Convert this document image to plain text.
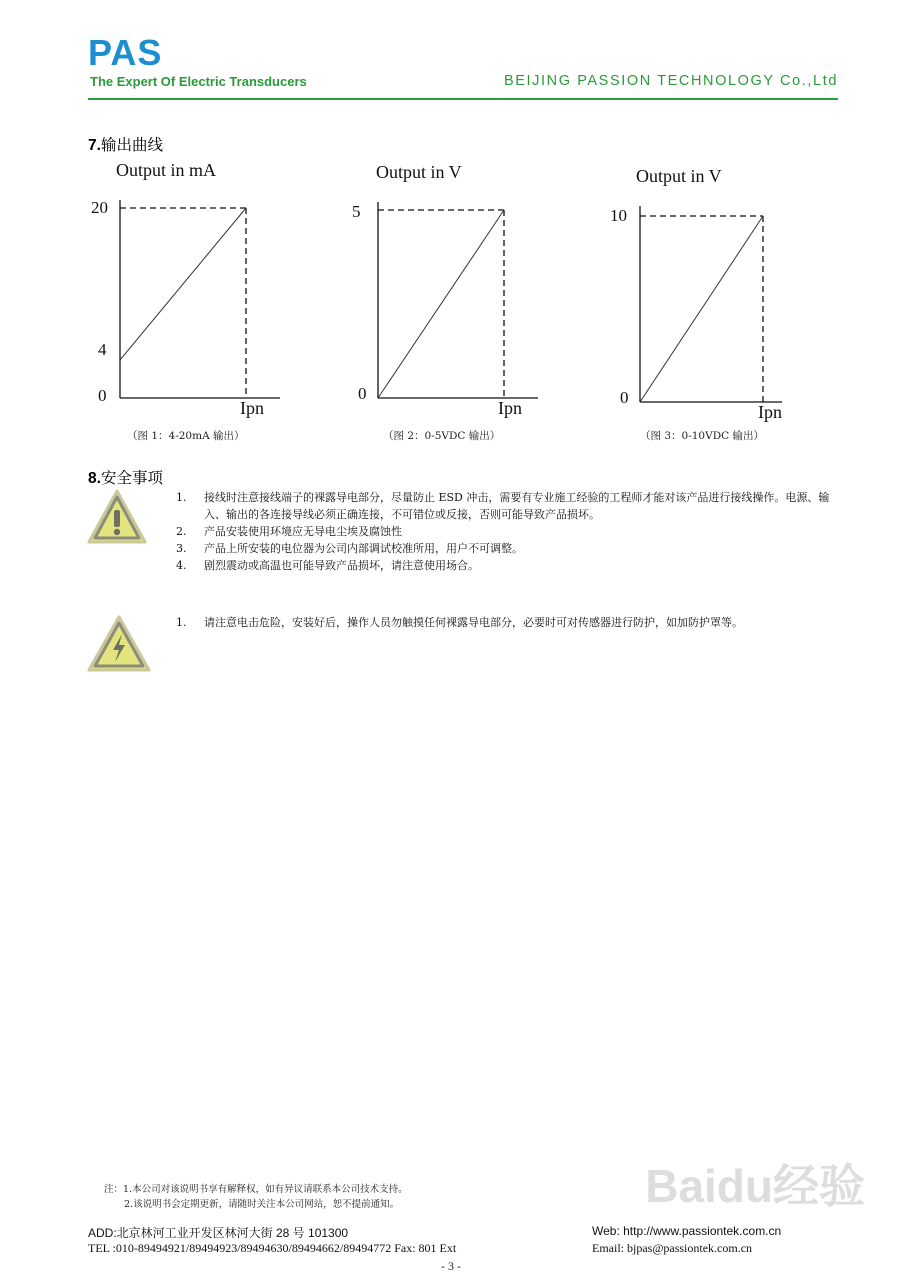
PAS
The Expert Of Electric Transducers	BEIJING PASSION TECHNOLOGY Co.,Ltd
7.输出曲线
Output in mA
20
4
0
Ipn
（图 1：4-20mA 输出）
Output in V
5
0
Ipn
（图 2：0-5VDC 输出）
Output in V
10
0
Ipn
（图 3：0-10VDC 输出）
8.安全事项
1. 接线时注意接线端子的裸露导电部分，尽量防止 ESD 冲击，需要有专业施工经验的工程师才能对该产品进行接线操作。电源、输入、输出的各连接导线必须正确连接，不可错位或反接，否则可能导致产品损坏。
2. 产品安装使用环境应无导电尘埃及腐蚀性
3. 产品上所安装的电位器为公司内部调试校准所用，用户不可调整。
4. 剧烈震动或高温也可能导致产品损坏，请注意使用场合。
1. 请注意电击危险，安装好后，操作人员勿触摸任何裸露导电部分，必要时可对传感器进行防护，如加防护罩等。
Baidu经验
注：1.本公司对该说明书享有解释权，如有异议请联系本公司技术支持。
2.该说明书会定期更新，请随时关注本公司网站，恕不提前通知。
ADD:北京林河工业开发区林河大街 28 号 101300	Web: http://www.passiontek.com.cn
TEL :010-89494921/89494923/89494630/89494662/89494772 Fax: 801 Ext	Email: bjpas@passiontek.com.cn
- 3 -
